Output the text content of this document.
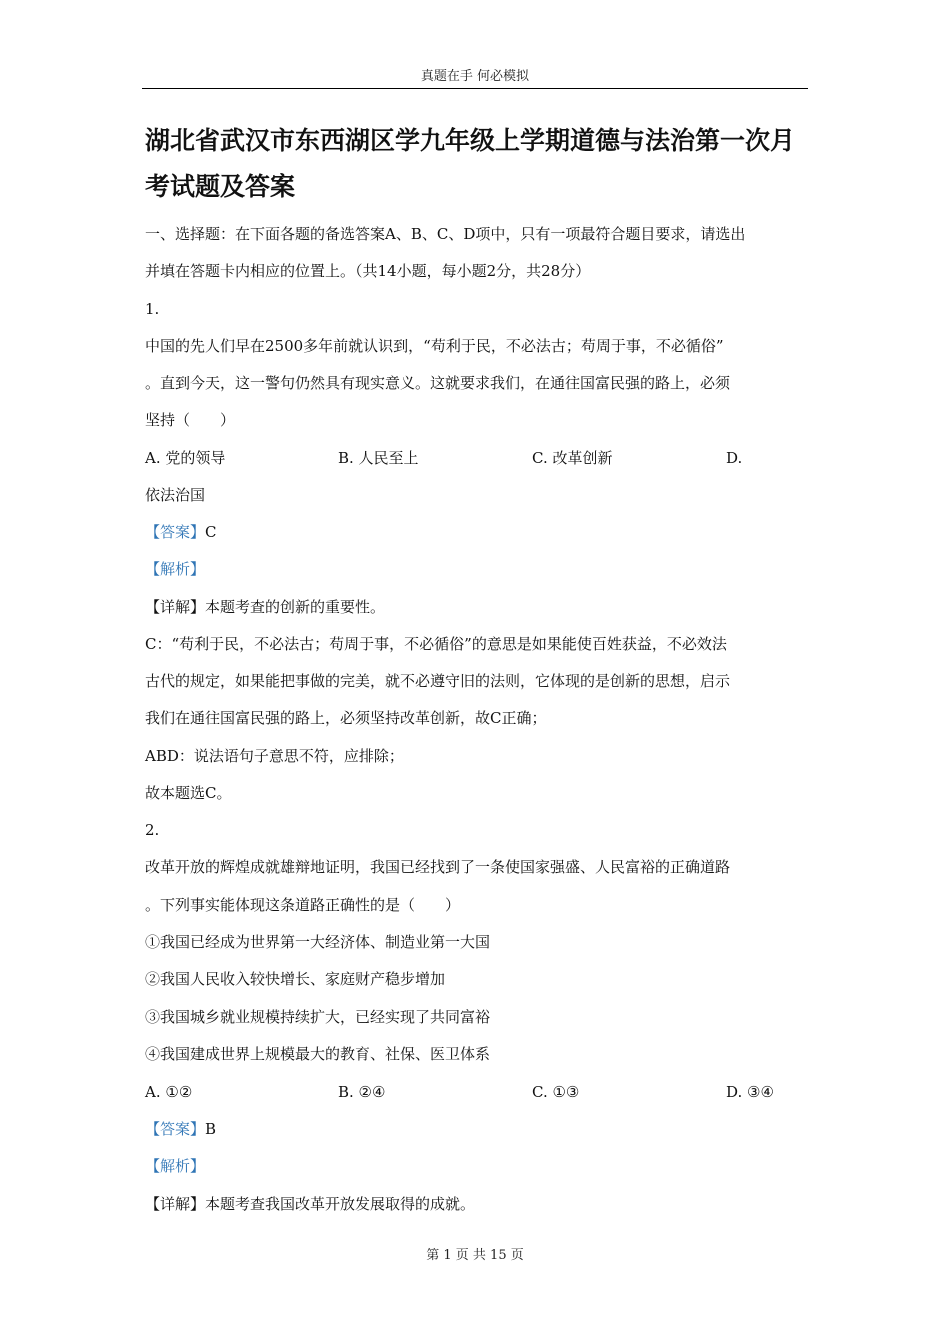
真题在手 何必模拟
湖北省武汉市东西湖区学九年级上学期道德与法治第一次月考试题及答案
一、选择题：在下面各题的备选答案A、B、C、D项中，只有一项最符合题目要求，请选出
并填在答题卡内相应的位置上。（共14小题，每小题2分，共28分）
1.
中国的先人们早在2500多年前就认识到，“苟利于民，不必法古；苟周于事，不必循俗”
。直到今天，这一警句仍然具有现实意义。这就要求我们，在通往国富民强的路上，必须
坚持（　　）
A. 党的领导	B. 人民至上	C. 改革创新	D.
依法治国
【答案】C
【解析】
【详解】本题考查的创新的重要性。
C：“苟利于民，不必法古；苟周于事，不必循俗”的意思是如果能使百姓获益，不必效法
古代的规定，如果能把事做的完美，就不必遵守旧的法则，它体现的是创新的思想，启示
我们在通往国富民强的路上，必须坚持改革创新，故C正确；
ABD：说法语句子意思不符，应排除；
故本题选C。
2.
改革开放的辉煌成就雄辩地证明，我国已经找到了一条使国家强盛、人民富裕的正确道路
。下列事实能体现这条道路正确性的是（　　）
①我国已经成为世界第一大经济体、制造业第一大国
②我国人民收入较快增长、家庭财产稳步增加
③我国城乡就业规模持续扩大，已经实现了共同富裕
④我国建成世界上规模最大的教育、社保、医卫体系
A. ①②	B. ②④	C. ①③	D. ③④
【答案】B
【解析】
【详解】本题考查我国改革开放发展取得的成就。
第 1 页 共 15 页
